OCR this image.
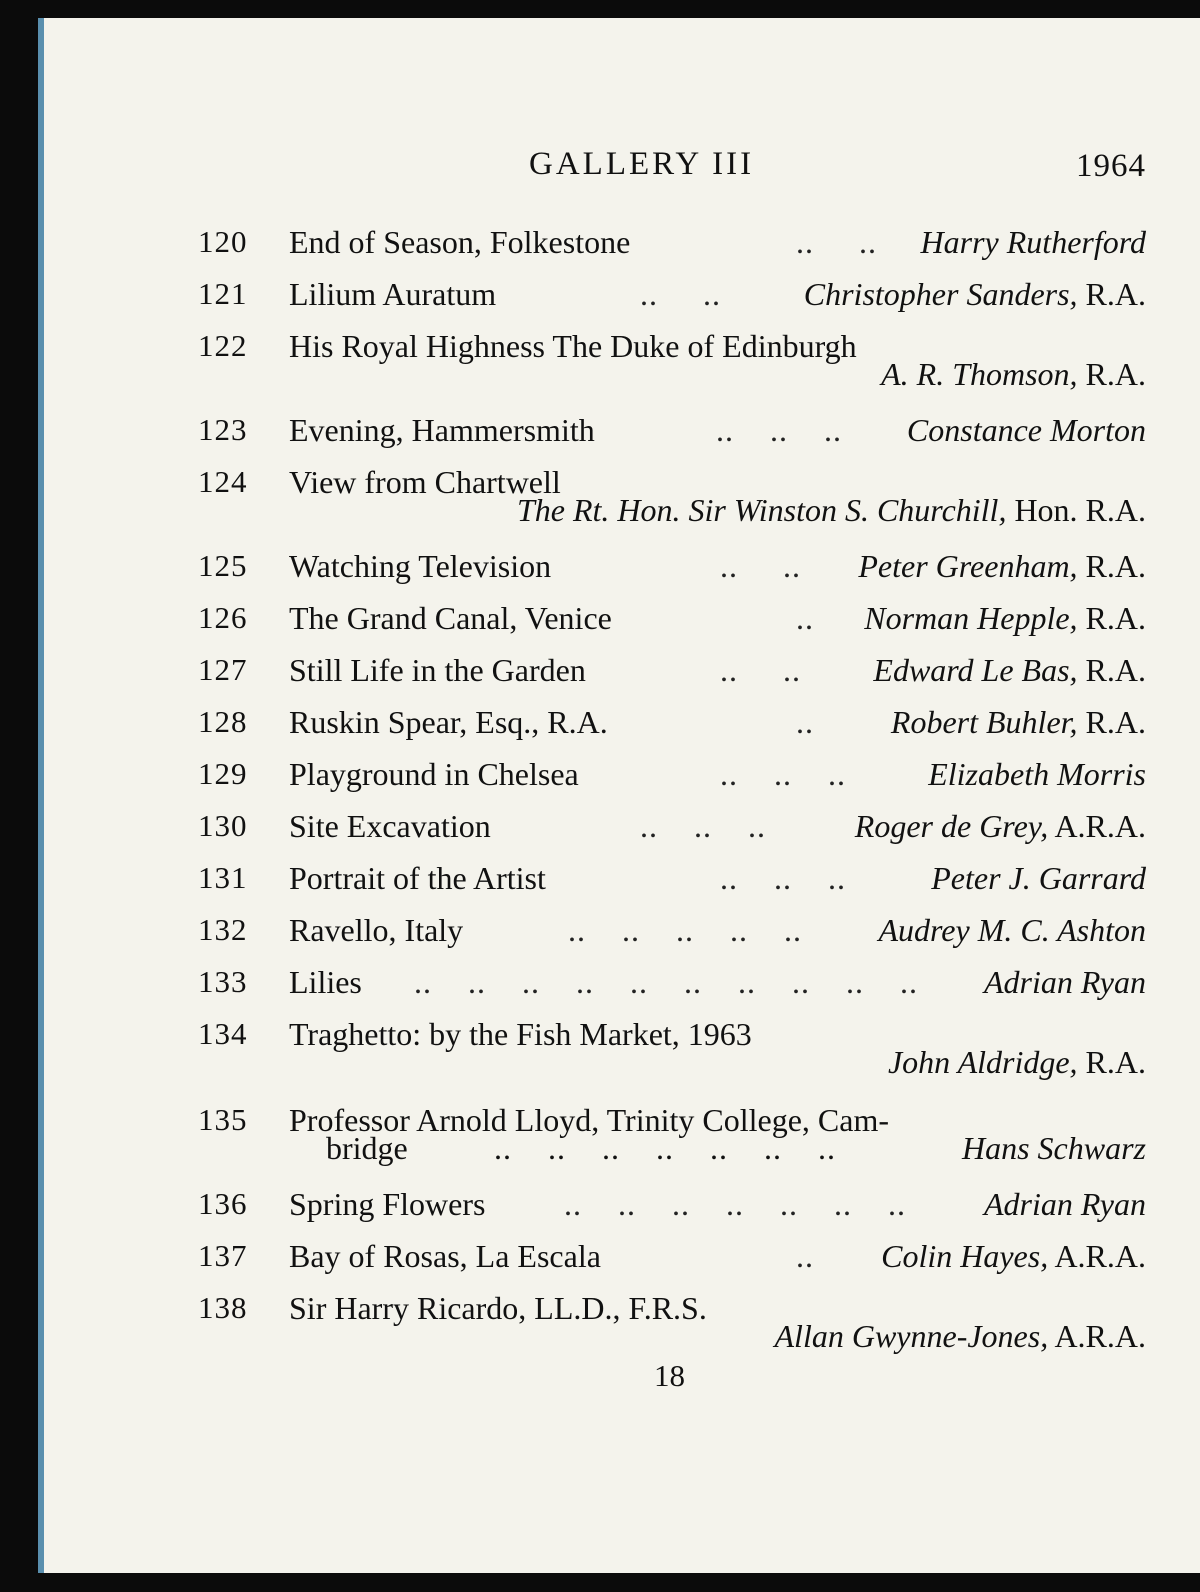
GALLERY III	1964
120	End of Season, Folkestone	..     .. Harry Rutherford
121	Lilium Auratum	..     ..	Christopher Sanders, R.A.
122	His Royal Highness The Duke of Edinburgh
A. R. Thomson, R.A.
123	Evening, Hammersmith	..    ..    .. Constance Morton
124	View from Chartwell
The Rt. Hon. Sir Winston S. Churchill, Hon. R.A.
125	Watching Television	..     .. Peter Greenham, R.A.
126	The Grand Canal, Venice	.. Norman Hepple, R.A.
127	Still Life in the Garden	..     .. Edward Le Bas, R.A.
128	Ruskin Spear, Esq., R.A.	.. Robert Buhler, R.A.
129	Playground in Chelsea	..    ..    ..	Elizabeth Morris
130	Site Excavation	..    ..    ..	Roger de Grey, A.R.A.
131	Portrait of the Artist	..    ..    ..	Peter J. Garrard
132	Ravello, Italy	..    ..    ..    ..    .. Audrey M. C. Ashton
133	Lilies ..    ..    ..    ..    ..    ..    ..    ..    ..    .. Adrian Ryan
134	Traghetto: by the Fish Market, 1963
John Aldridge, R.A.
135	Professor Arnold Lloyd, Trinity College, Cam-
bridge	..    ..    ..    ..    ..    ..    ..	Hans Schwarz
136	Spring Flowers ..    ..    ..    ..    ..    ..    .. Adrian Ryan
137	Bay of Rosas, La Escala	.. Colin Hayes, A.R.A.
138	Sir Harry Ricardo, LL.D., F.R.S.
Allan Gwynne-Jones, A.R.A.
18
